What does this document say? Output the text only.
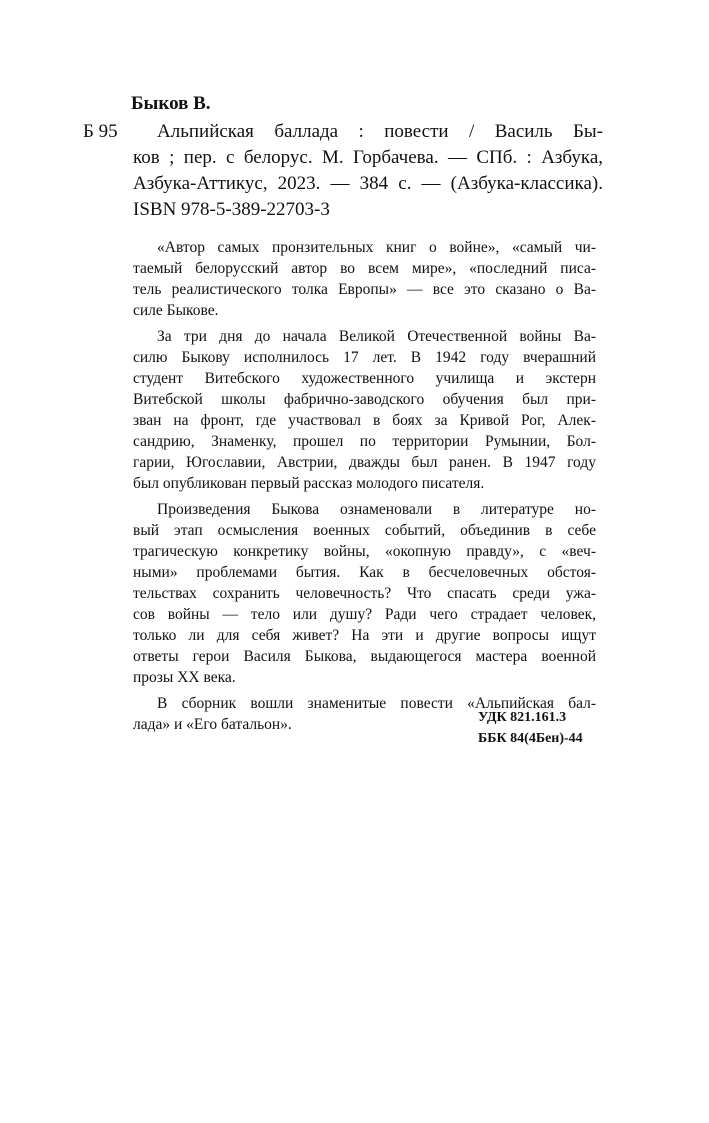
Быков В.
Б 95	Альпийская баллада : повести / Василь Бы-
ков ; пер. с белорус. М. Горбачева. — СПб. : Азбука,
Азбука-Аттикус, 2023. — 384 с. — (Азбука-классика).
ISBN 978-5-389-22703-3
«Автор самых пронзительных книг о войне», «самый чи-
таемый белорусский автор во всем мире», «последний писа-
тель реалистического толка Европы» — все это сказано о Ва-
силе Быкове.
За три дня до начала Великой Отечественной войны Ва-
силю Быкову исполнилось 17 лет. В 1942 году вчерашний
студент Витебского художественного училища и экстерн
Витебской школы фабрично-заводского обучения был при-
зван на фронт, где участвовал в боях за Кривой Рог, Алек-
сандрию, Знаменку, прошел по территории Румынии, Бол-
гарии, Югославии, Австрии, дважды был ранен. В 1947 году
был опубликован первый рассказ молодого писателя.
Произведения Быкова ознаменовали в литературе но-
вый этап осмысления военных событий, объединив в себе
трагическую конкретику войны, «окопную правду», с «веч-
ными» проблемами бытия. Как в бесчеловечных обстоя-
тельствах сохранить человечность? Что спасать среди ужа-
сов войны — тело или душу? Ради чего страдает человек,
только ли для себя живет? На эти и другие вопросы ищут
ответы герои Василя Быкова, выдающегося мастера военной
прозы XX века.
В сборник вошли знаменитые повести «Альпийская бал-
лада» и «Его батальон».	УДК 821.161.3
ББК 84(4Бен)-44
